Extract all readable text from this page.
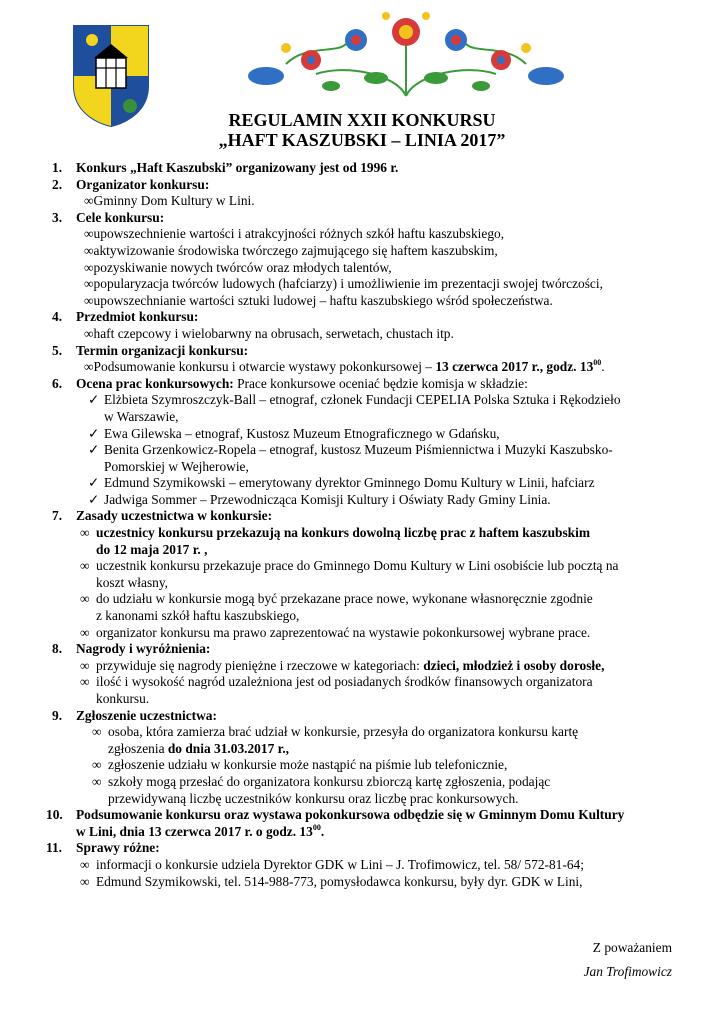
REGULAMIN XXII KONKURSU
„HAFT KASZUBSKI – LINIA 2017”
1.	Konkurs „Haft Kaszubski” organizowany jest od 1996 r.
2.	Organizator konkursu:
∞Gminny Dom Kultury w Lini.
3.	Cele konkursu:
∞upowszechnienie wartości i atrakcyjności różnych szkół haftu kaszubskiego,
∞aktywizowanie środowiska twórczego zajmującego się haftem kaszubskim,
∞pozyskiwanie nowych twórców oraz młodych talentów,
∞popularyzacja twórców ludowych (hafciarzy) i umożliwienie im prezentacji swojej twórczości,
∞upowszechnianie wartości sztuki ludowej – haftu kaszubskiego wśród społeczeństwa.
4.	Przedmiot konkursu:
∞haft czepcowy i wielobarwny na obrusach, serwetach, chustach itp.
5.	Termin organizacji konkursu:
∞Podsumowanie konkursu i otwarcie wystawy pokonkursowej – 13 czerwca 2017 r., godz. $13^{00}$.
6.	Ocena prac konkursowych: Prace konkursowe oceniać będzie komisja w składzie:
✓ Elżbieta Szymroszczyk-Ball – etnograf, członek Fundacji CEPELIA Polska Sztuka i Rękodzieło
w Warszawie,
✓ Ewa Gilewska – etnograf, Kustosz Muzeum Etnograficznego w Gdańsku,
✓ Benita Grzenkowicz-Ropela – etnograf, kustosz Muzeum Piśmiennictwa i Muzyki Kaszubsko-
Pomorskiej w Wejherowie,
✓ Edmund Szymikowski – emerytowany dyrektor Gminnego Domu Kultury w Linii, hafciarz
✓ Jadwiga Sommer – Przewodnicząca Komisji Kultury i Oświaty Rady Gminy Linia.
7.	Zasady uczestnictwa w konkursie:
∞ uczestnicy konkursu przekazują na konkurs dowolną liczbę prac z haftem kaszubskim
do 12 maja 2017 r. ,
∞ uczestnik konkursu przekazuje prace do Gminnego Domu Kultury w Lini osobiście lub pocztą na
koszt własny,
∞ do udziału w konkursie mogą być przekazane prace nowe, wykonane własnoręcznie zgodnie
z kanonami szkół haftu kaszubskiego,
∞ organizator konkursu ma prawo zaprezentować na wystawie pokonkursowej wybrane prace.
8.	Nagrody i wyróżnienia:
∞ przywiduje się nagrody pieniężne i rzeczowe w kategoriach: dzieci, młodzież i osoby dorosłe,
∞ ilość i wysokość nagród uzależniona jest od posiadanych środków finansowych organizatora
konkursu.
9.	Zgłoszenie uczestnictwa:
∞ osoba, która zamierza brać udział w konkursie, przesyła do organizatora konkursu kartę
zgłoszenia do dnia 31.03.2017 r.,
∞ zgłoszenie udziału w konkursie może nastąpić na piśmie lub telefonicznie,
∞ szkoły mogą przesłać do organizatora konkursu zbiorczą kartę zgłoszenia, podając
przewidywaną liczbę uczestników konkursu oraz liczbę prac konkursowych.
10. Podsumowanie konkursu oraz wystawa pokonkursowa odbędzie się w Gminnym Domu Kultury
w Lini, dnia 13 czerwca 2017 r. o godz. $13^{00}$.
11.	Sprawy różne:
∞ informacji o konkursie udziela Dyrektor GDK w Lini – J. Trofimowicz, tel. 58/ 572-81-64;
∞ Edmund Szymikowski, tel. 514-988-773, pomysłodawca konkursu, były dyr. GDK w Lini,
Z poważaniem
Jan Trofimowicz
